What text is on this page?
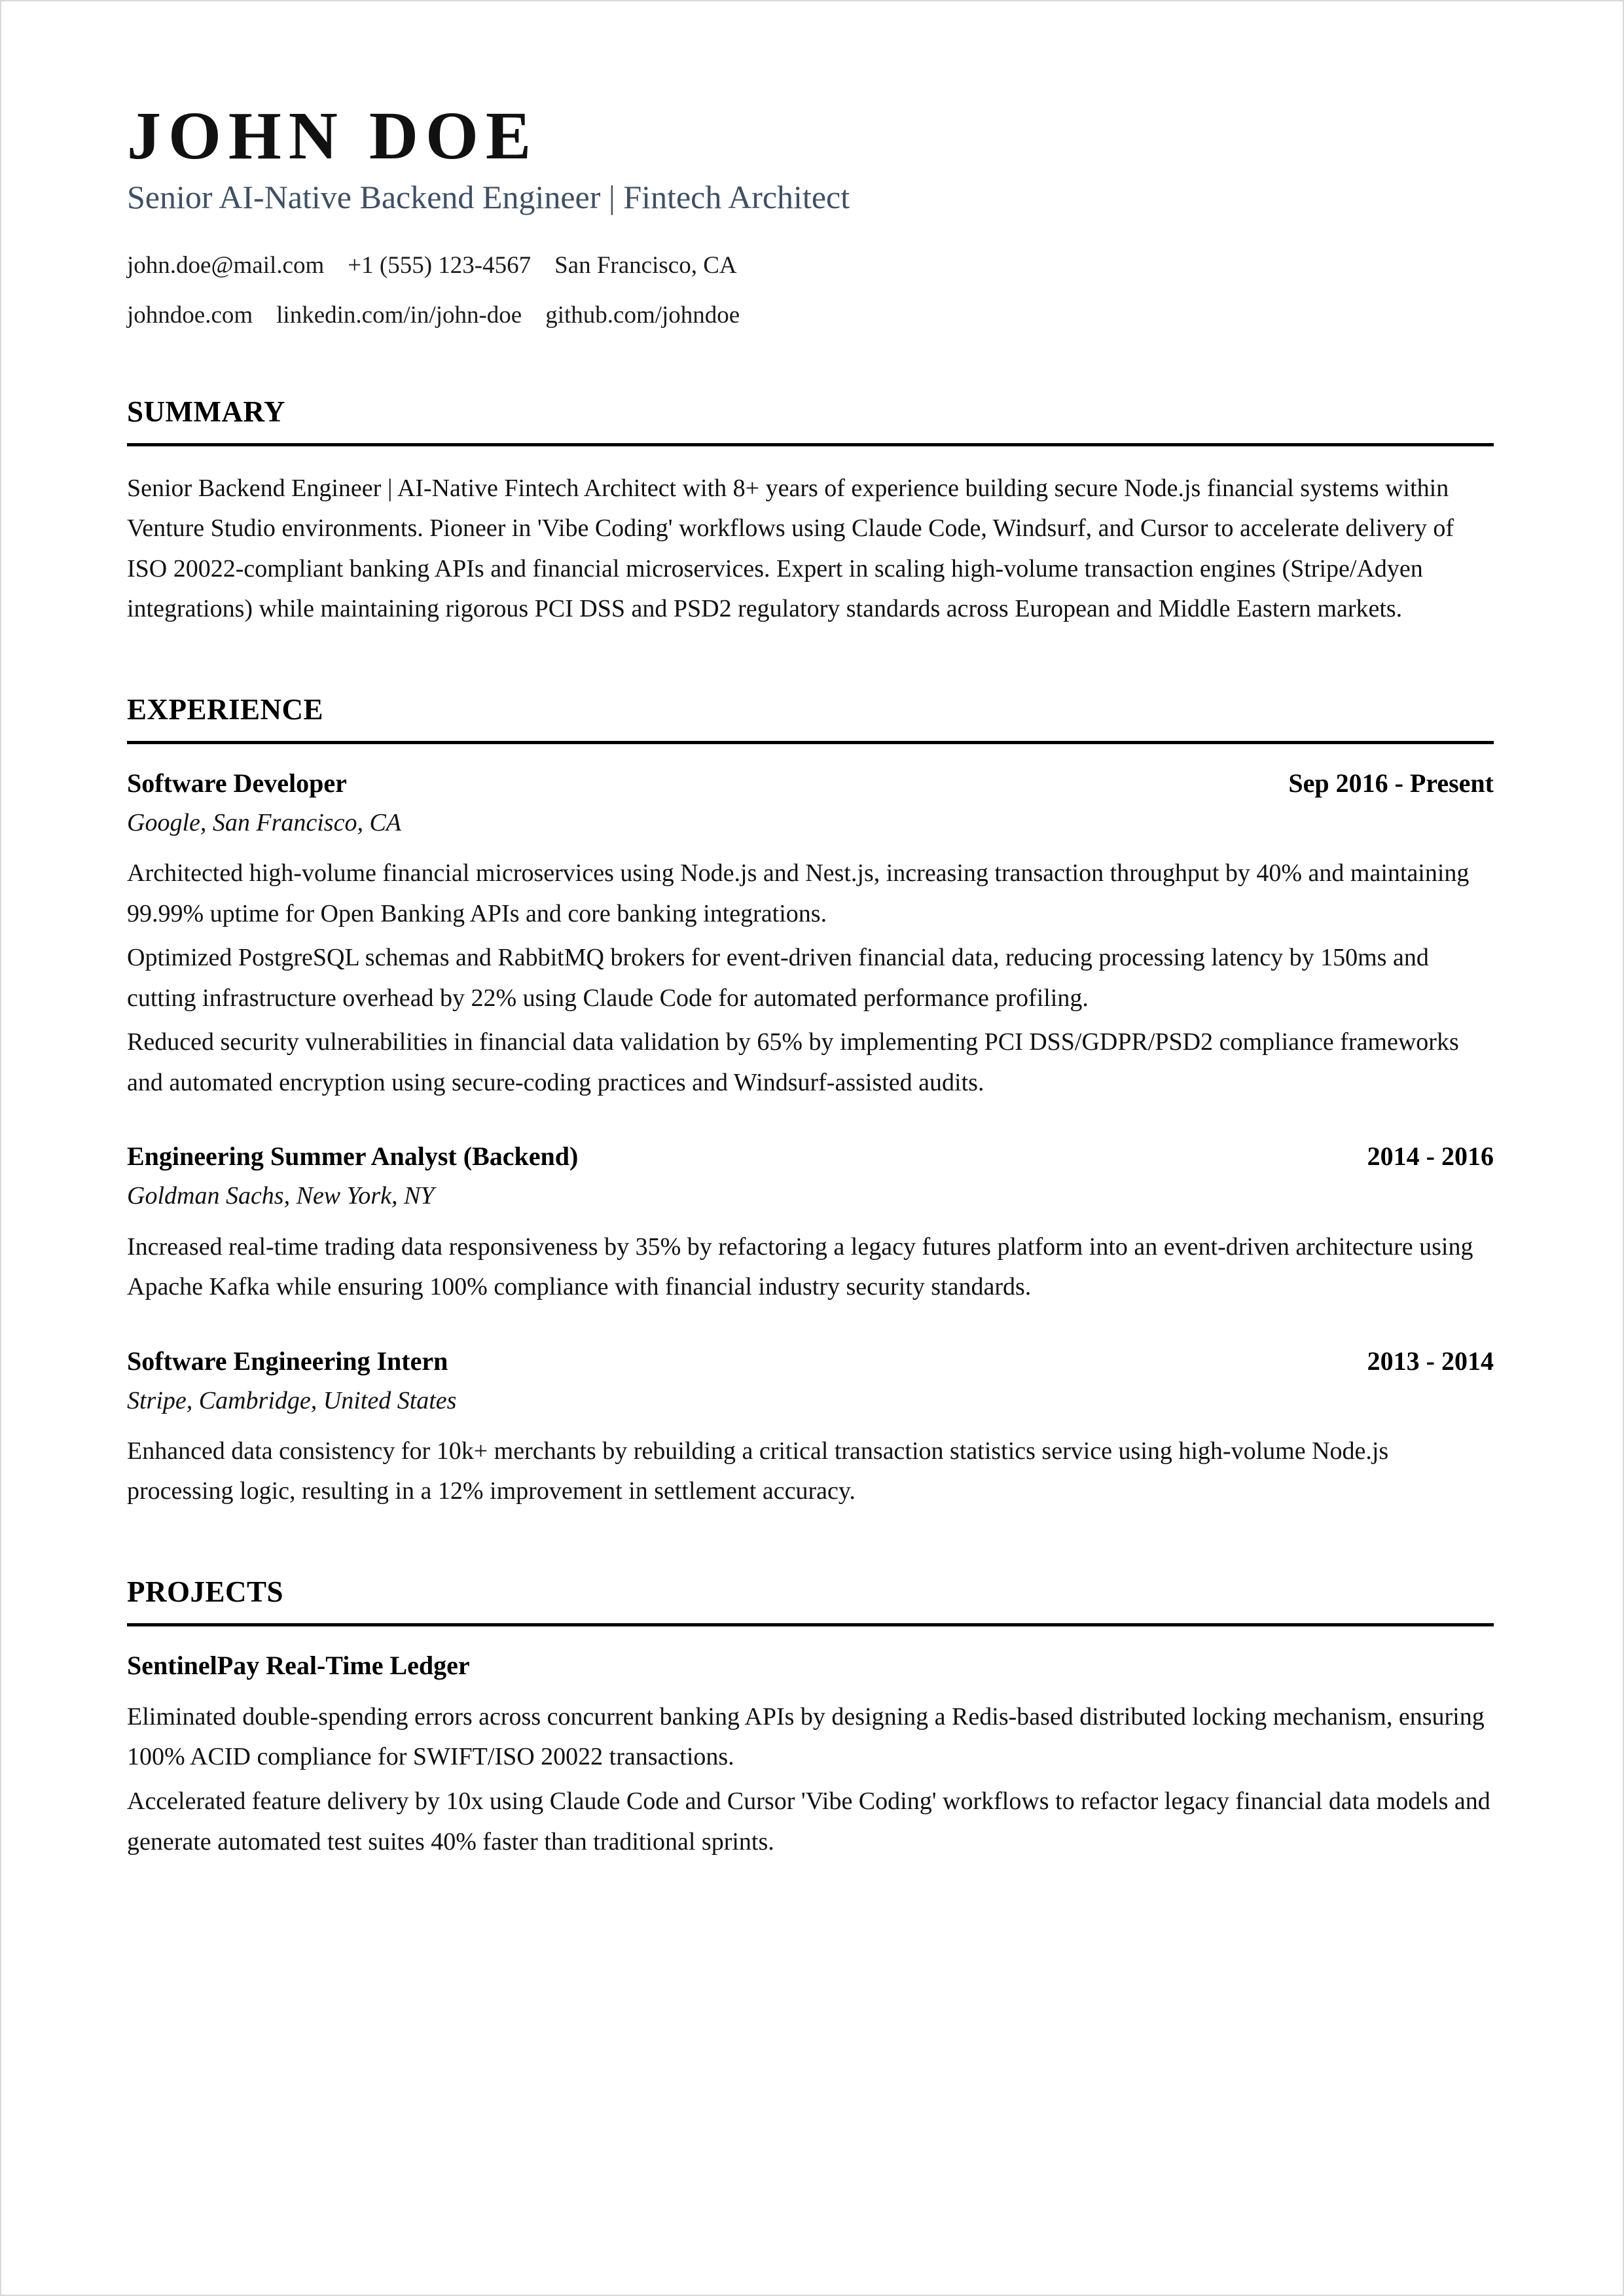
JOHN DOE
Senior AI-Native Backend Engineer | Fintech Architect
john.doe@mail.com +1 (555) 123-4567 San Francisco, CA
johndoe.com linkedin.com/in/john-doe github.com/johndoe
SUMMARY

Senior Backend Engineer | AI-Native Fintech Architect with 8+ years of experience building secure Node.js financial systems within Venture Studio environments. Pioneer in 'Vibe Coding' workflows using Claude Code, Windsurf, and Cursor to accelerate delivery of ISO 20022-compliant banking APIs and financial microservices. Expert in scaling high-volume transaction engines (Stripe/Adyen integrations) while maintaining rigorous PCI DSS and PSD2 regulatory standards across European and Middle Eastern markets.

EXPERIENCE
Software Developer	Sep 2016 - Present
Google, San Francisco, CA
Architected high-volume financial microservices using Node.js and Nest.js, increasing transaction throughput by 40% and maintaining 99.99% uptime for Open Banking APIs and core banking integrations.
Optimized PostgreSQL schemas and RabbitMQ brokers for event-driven financial data, reducing processing latency by 150ms and cutting infrastructure overhead by 22% using Claude Code for automated performance profiling.
Reduced security vulnerabilities in financial data validation by 65% by implementing PCI DSS/GDPR/PSD2 compliance frameworks and automated encryption using secure-coding practices and Windsurf-assisted audits.
Engineering Summer Analyst (Backend)	2014 - 2016
Goldman Sachs, New York, NY
Increased real-time trading data responsiveness by 35% by refactoring a legacy futures platform into an event-driven architecture using Apache Kafka while ensuring 100% compliance with financial industry security standards.
Software Engineering Intern	2013 - 2014
Stripe, Cambridge, United States
Enhanced data consistency for 10k+ merchants by rebuilding a critical transaction statistics service using high-volume Node.js processing logic, resulting in a 12% improvement in settlement accuracy.
PROJECTS
SentinelPay Real-Time Ledger
Eliminated double-spending errors across concurrent banking APIs by designing a Redis-based distributed locking mechanism, ensuring 100% ACID compliance for SWIFT/ISO 20022 transactions.
Accelerated feature delivery by 10x using Claude Code and Cursor 'Vibe Coding' workflows to refactor legacy financial data models and generate automated test suites 40% faster than traditional sprints.
